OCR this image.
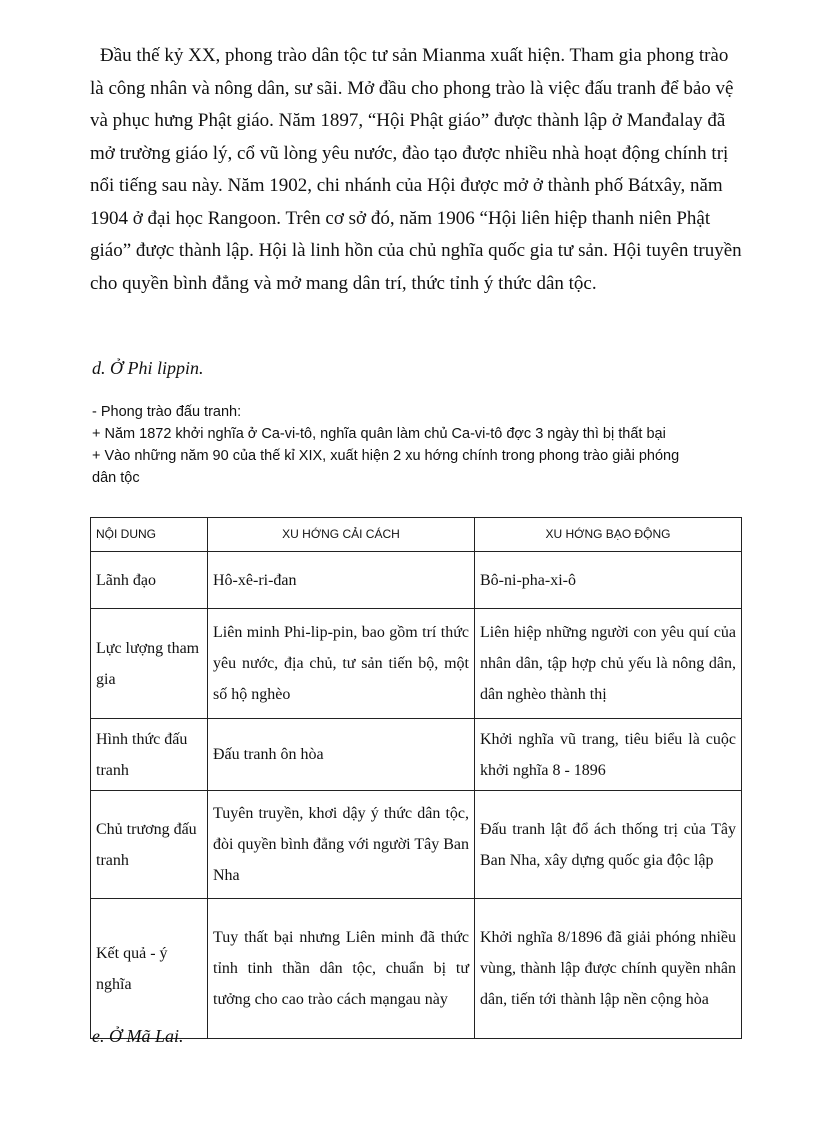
Đầu thế kỷ XX, phong trào dân tộc tư sản Mianma xuất hiện. Tham gia phong trào
là công nhân và nông dân, sư sãi. Mở đầu cho phong trào là việc đấu tranh để bảo vệ
và phục hưng Phật giáo. Năm 1897, “Hội Phật giáo” được thành lập ở Manđalay đã
mở trường giáo lý, cổ vũ lòng yêu nước, đào tạo được nhiều nhà hoạt động chính trị
nổi tiếng sau này. Năm 1902, chi nhánh của Hội được mở ở thành phố Bátxây, năm
1904 ở đại học Rangoon. Trên cơ sở đó, năm 1906 “Hội liên hiệp thanh niên Phật
giáo” được thành lập. Hội là linh hồn của chủ nghĩa quốc gia tư sản. Hội tuyên truyền
cho quyền bình đẳng và mở mang dân trí, thức tỉnh ý thức dân tộc.

d. Ở Phi lippin.

- Phong trào đấu tranh:
+ Năm 1872 khởi nghĩa ở Ca-vi-tô, nghĩa quân làm chủ Ca-vi-tô đợc 3 ngày thì bị thất bại
+ Vào những năm 90 của thế kỉ XIX, xuất hiện 2 xu hớng chính trong phong trào giải phóng
dân tộc

NỘI DUNG	XU HỚNG CẢI CÁCH	XU HỚNG BẠO ĐỘNG
Lãnh đạo	Hô-xê-ri-đan	Bô-ni-pha-xi-ô
Lực lượng tham gia	Liên minh Phi-lip-pin, bao gồm trí thức yêu nước, địa chủ, tư sản tiến bộ, một số hộ nghèo	Liên hiệp những người con yêu quí của nhân dân, tập hợp chủ yếu là nông dân, dân nghèo thành thị
Hình thức đấu tranh	Đấu tranh ôn hòa	Khởi nghĩa vũ trang, tiêu biểu là cuộc khởi nghĩa 8 - 1896
Chủ trương đấu tranh	Tuyên truyền, khơi dậy ý thức dân tộc, đòi quyền bình đẳng với người Tây Ban Nha	Đấu tranh lật đổ ách thống trị của Tây Ban Nha, xây dựng quốc gia độc lập
Kết quả - ý nghĩa	Tuy thất bại nhưng Liên minh đã thức tỉnh tinh thần dân tộc, chuẩn bị tư tưởng cho cao trào cách mạngau này	Khởi nghĩa 8/1896 đã giải phóng nhiều vùng, thành lập được chính quyền nhân dân, tiến tới thành lập nền cộng hòa

e. Ở Mã Lai.
